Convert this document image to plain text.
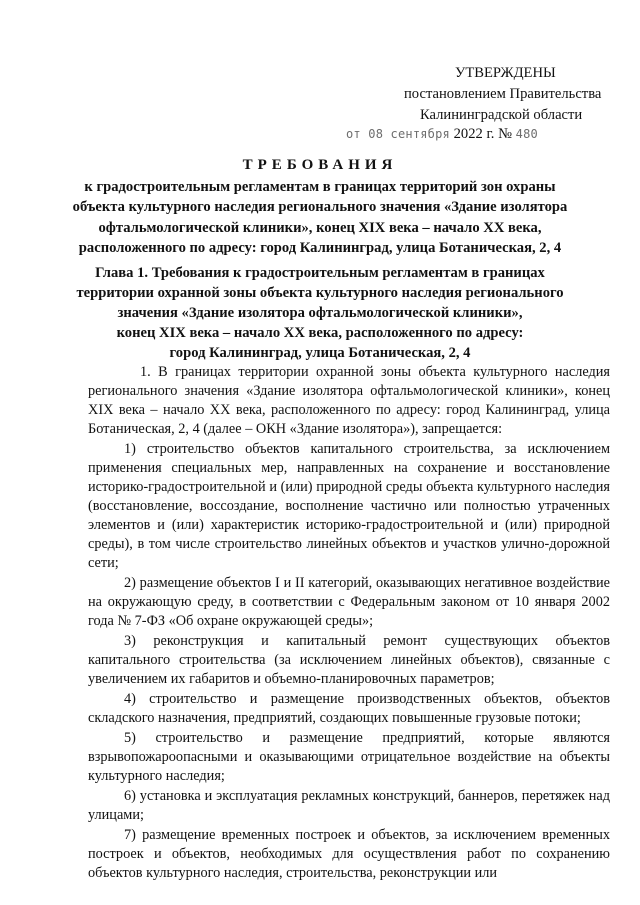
УТВЕРЖДЕНЫ
постановлением Правительства
Калининградской области
от 08 сентября 2022 г. № 480
ТРЕБОВАНИЯ
к градостроительным регламентам в границах территорий зон охраны
объекта культурного наследия регионального значения «Здание изолятора
офтальмологической клиники», конец XIX века – начало XX века,
расположенного по адресу: город Калининград, улица Ботаническая, 2, 4
Глава 1. Требования к градостроительным регламентам в границах
территории охранной зоны объекта культурного наследия регионального
значения «Здание изолятора офтальмологической клиники»,
конец XIX века – начало XX века, расположенного по адресу:
город Калининград, улица Ботаническая, 2, 4

1. В границах территории охранной зоны объекта культурного наследия регионального значения «Здание изолятора офтальмологической клиники», конец XIX века – начало XX века, расположенного по адресу: город Калининград, улица Ботаническая, 2, 4 (далее – ОКН «Здание изолятора»), запрещается:

1) строительство объектов капитального строительства, за исключением применения специальных мер, направленных на сохранение и восстановление историко-градостроительной и (или) природной среды объекта культурного наследия (восстановление, воссоздание, восполнение частично или полностью утраченных элементов и (или) характеристик историко-градостроительной и (или) природной среды), в том числе строительство линейных объектов и участков улично-дорожной сети;

2) размещение объектов I и II категорий, оказывающих негативное воздействие на окружающую среду, в соответствии с Федеральным законом от 10 января 2002 года № 7-ФЗ «Об охране окружающей среды»;

3) реконструкция и капитальный ремонт существующих объектов капитального строительства (за исключением линейных объектов), связанные с увеличением их габаритов и объемно-планировочных параметров;

4) строительство и размещение производственных объектов, объектов складского назначения, предприятий, создающих повышенные грузовые потоки;

5) строительство и размещение предприятий, которые являются взрывопожароопасными и оказывающими отрицательное воздействие на объекты культурного наследия;

6) установка и эксплуатация рекламных конструкций, баннеров, перетяжек над улицами;

7) размещение временных построек и объектов, за исключением временных построек и объектов, необходимых для осуществления работ по сохранению объектов культурного наследия, строительства, реконструкции или
